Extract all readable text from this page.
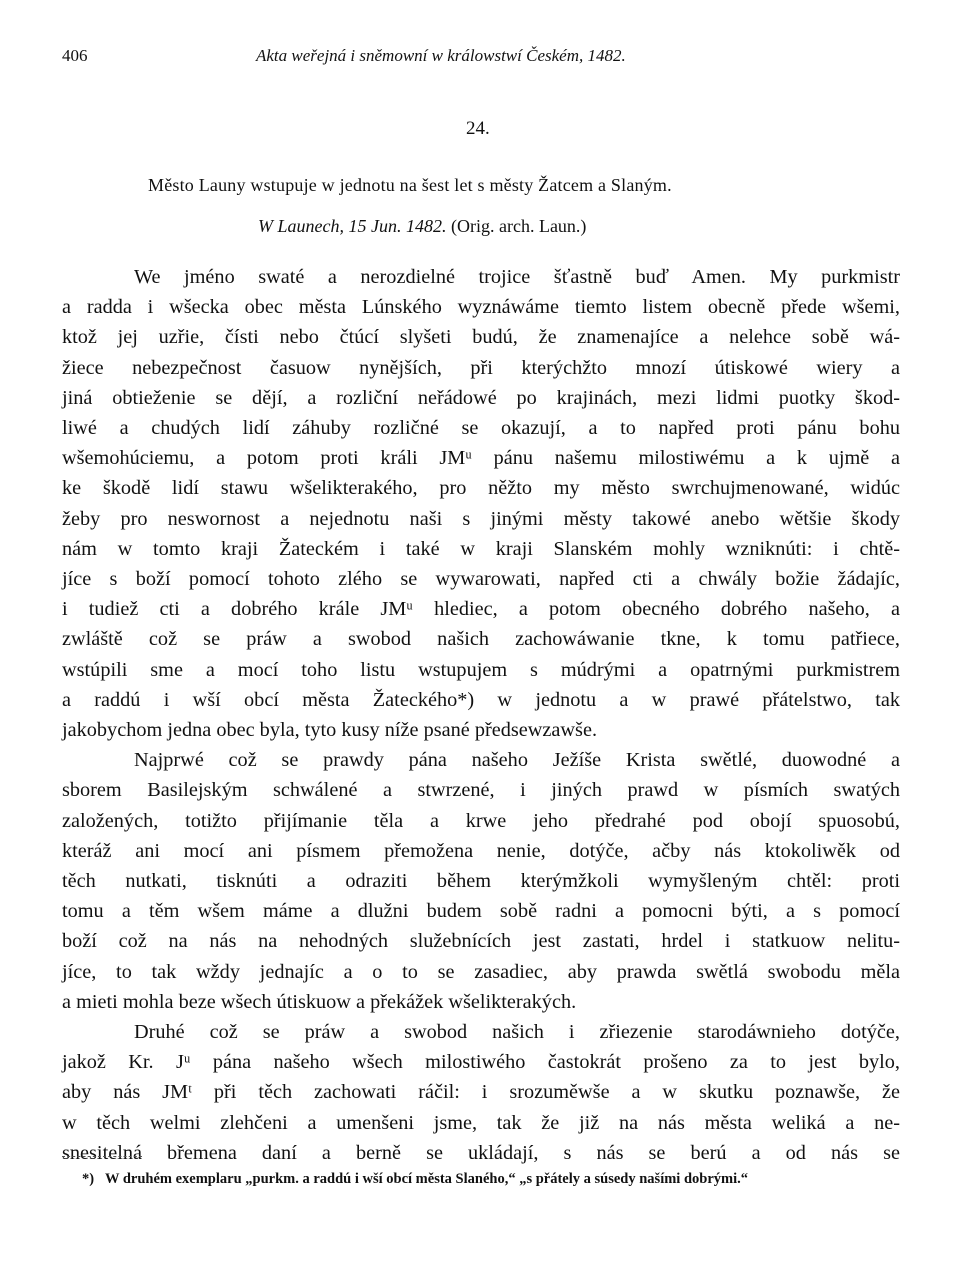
406	Akta weřejná i sněmowní w králowstwí Českém, 1482.
24.
Město Launy wstupuje w jednotu na šest let s městy Žatcem a Slaným.
W Launech, 15 Jun. 1482. (Orig. arch. Laun.)
We jméno swaté a nerozdielné trojice šťastně buď Amen. My purkmistr
a radda i wšecka obec města Lúnského wyznáwáme tiemto listem obecně přede wšemi,
ktož jej uzřie, čísti nebo čtúcí slyšeti budú, že znamenajíce a nelehce sobě wá-
žiece nebezpečnost časuow nynějších, při kterýchžto mnozí útiskowé wiery a
jiná obtieženie se dějí, a rozliční neřádowé po krajinách, mezi lidmi puotky škod-
liwé a chudých lidí záhuby rozličné se okazují, a to napřed proti pánu bohu
wšemohúciemu, a potom proti králi JMᵘ pánu našemu milostiwému a k ujmě a
ke škodě lidí stawu wšelikterakého, pro něžto my město swrchujmenowané, widúc
žeby pro neswornost a nejednotu naši s jinými městy takowé anebo wětšie škody
nám w tomto kraji Žateckém i také w kraji Slanském mohly wzniknúti: i chtě-
jíce s boží pomocí tohoto zlého se wywarowati, napřed cti a chwály božie žádajíc,
i tudiež cti a dobrého krále JMᵘ hlediec, a potom obecného dobrého našeho, a
zwláště což se práw a swobod našich zachowáwanie tkne, k tomu patřiece,
wstúpili sme a mocí toho listu wstupujem s múdrými a opatrnými purkmistrem
a raddú i wší obcí města Žateckého*) w jednotu a w prawé přátelstwo, tak
jakobychom jedna obec byla, tyto kusy níže psané předsewzawše.
Najprwé což se prawdy pána našeho Ježíše Krista swětlé, duowodné a
sborem Basilejským schwálené a stwrzené, i jiných prawd w písmích swatých
založených, totižto přijímanie těla a krwe jeho předrahé pod obojí spuosobú,
kteráž ani mocí ani písmem přemožena nenie, dotýče, ačby nás ktokoliwěk od
těch nutkati, tisknúti a odraziti během kterýmžkoli wymyšleným chtěl: proti
tomu a těm wšem máme a dlužni budem sobě radni a pomocni býti, a s pomocí
boží což na nás na nehodných služebnících jest zastati, hrdel i statkuow nelitu-
jíce, to tak wždy jednajíc a o to se zasadiec, aby prawda swětlá swobodu měla
a mieti mohla beze wšech útiskuow a překážek wšelikterakých.
Druhé což se práw a swobod našich i zřiezenie starodáwnieho dotýče,
jakož Kr. Jᵘ pána našeho wšech milostiwého častokrát prošeno za to jest bylo,
aby nás JMᵗ při těch zachowati ráčil: i srozuměwše a w skutku poznawše, že
w těch welmi zlehčeni a umenšeni jsme, tak že již na nás města weliká a ne-
snesitelná břemena daní a berně se ukládají, s nás se berú a od nás se
*) W druhém exemplaru „purkm. a raddú i wší obcí města Slaného,“ „s přátely a súsedy našími dobrými.“
